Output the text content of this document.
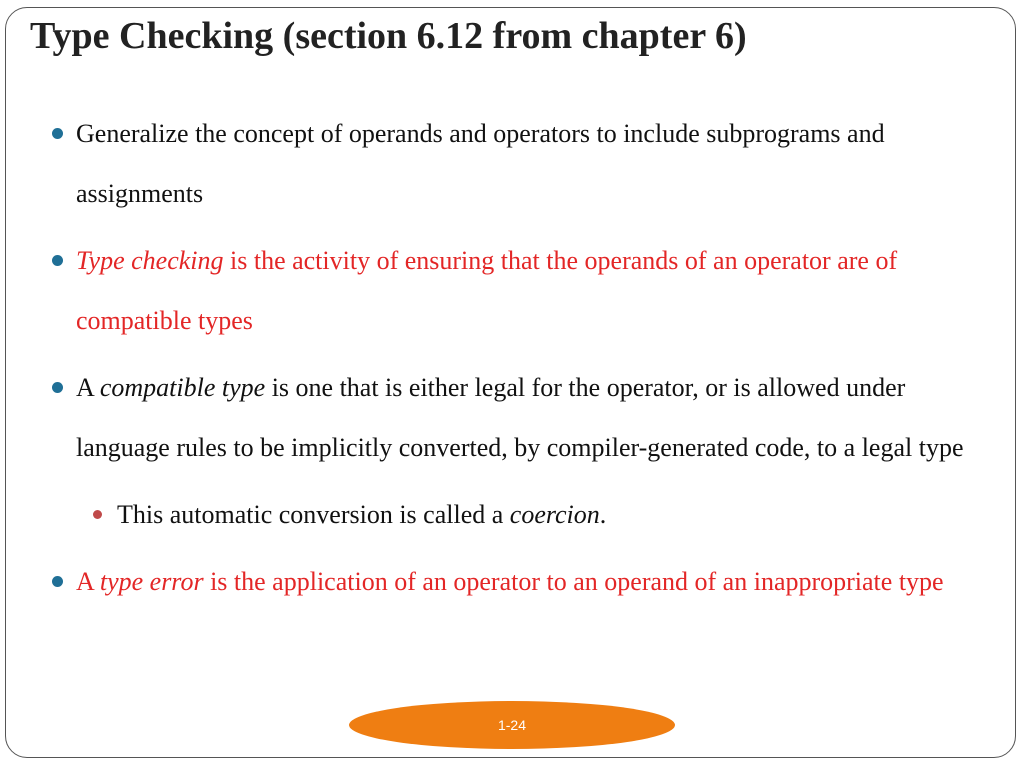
Type Checking (section 6.12 from chapter 6)
Generalize the concept of operands and operators to include subprograms and assignments
Type checking is the activity of ensuring that the operands of an operator are of compatible types
A compatible type is one that is either legal for the operator, or is allowed under language rules to be implicitly converted, by compiler-generated code, to a legal type
This automatic conversion is called a coercion.
A type error is the application of an operator to an operand of an inappropriate type
1-24
